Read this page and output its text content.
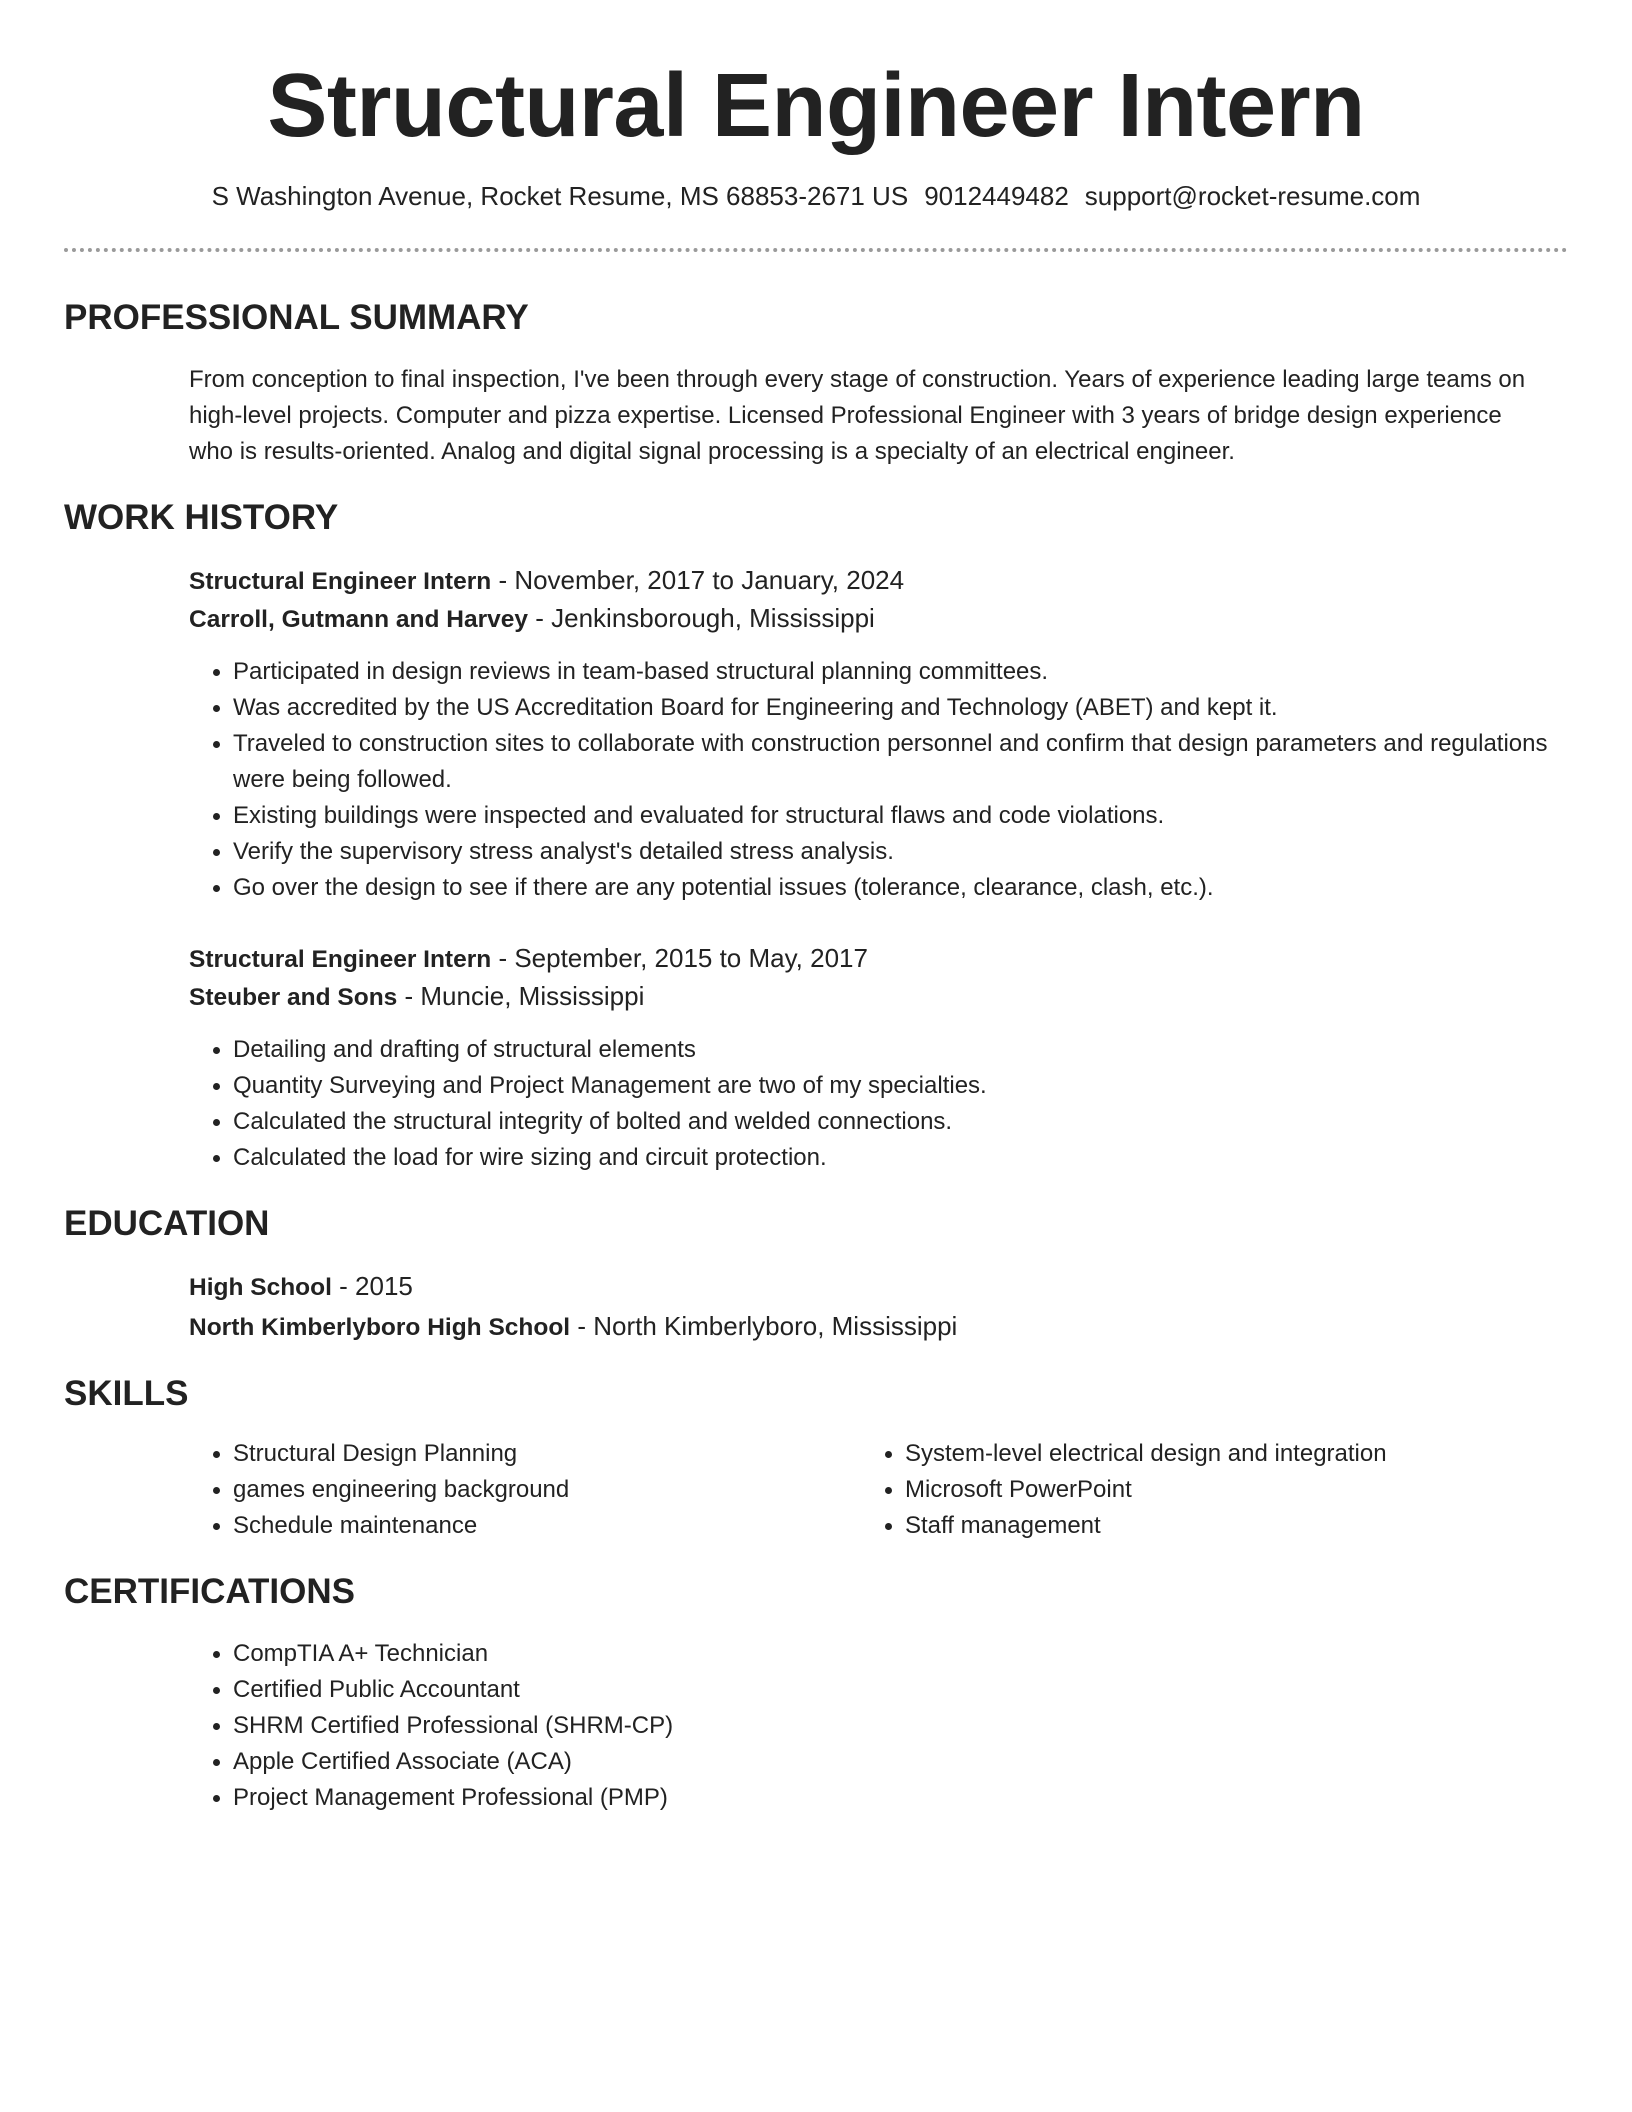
Structural Engineer Intern
S Washington Avenue, Rocket Resume, MS 68853-2671 US 9012449482 support@rocket-resume.com
PROFESSIONAL SUMMARY
From conception to final inspection, I've been through every stage of construction. Years of experience leading large teams on high-level projects. Computer and pizza expertise. Licensed Professional Engineer with 3 years of bridge design experience who is results-oriented. Analog and digital signal processing is a specialty of an electrical engineer.
WORK HISTORY
Structural Engineer Intern - November, 2017 to January, 2024
Carroll, Gutmann and Harvey - Jenkinsborough, Mississippi
• Participated in design reviews in team-based structural planning committees.
• Was accredited by the US Accreditation Board for Engineering and Technology (ABET) and kept it.
• Traveled to construction sites to collaborate with construction personnel and confirm that design parameters and regulations were being followed.
• Existing buildings were inspected and evaluated for structural flaws and code violations.
• Verify the supervisory stress analyst's detailed stress analysis.
• Go over the design to see if there are any potential issues (tolerance, clearance, clash, etc.).
Structural Engineer Intern - September, 2015 to May, 2017
Steuber and Sons - Muncie, Mississippi
• Detailing and drafting of structural elements
• Quantity Surveying and Project Management are two of my specialties.
• Calculated the structural integrity of bolted and welded connections.
• Calculated the load for wire sizing and circuit protection.
EDUCATION
High School - 2015
North Kimberlyboro High School - North Kimberlyboro, Mississippi
SKILLS
• Structural Design Planning
• games engineering background
• Schedule maintenance
• System-level electrical design and integration
• Microsoft PowerPoint
• Staff management
CERTIFICATIONS
• CompTIA A+ Technician
• Certified Public Accountant
• SHRM Certified Professional (SHRM-CP)
• Apple Certified Associate (ACA)
• Project Management Professional (PMP)
